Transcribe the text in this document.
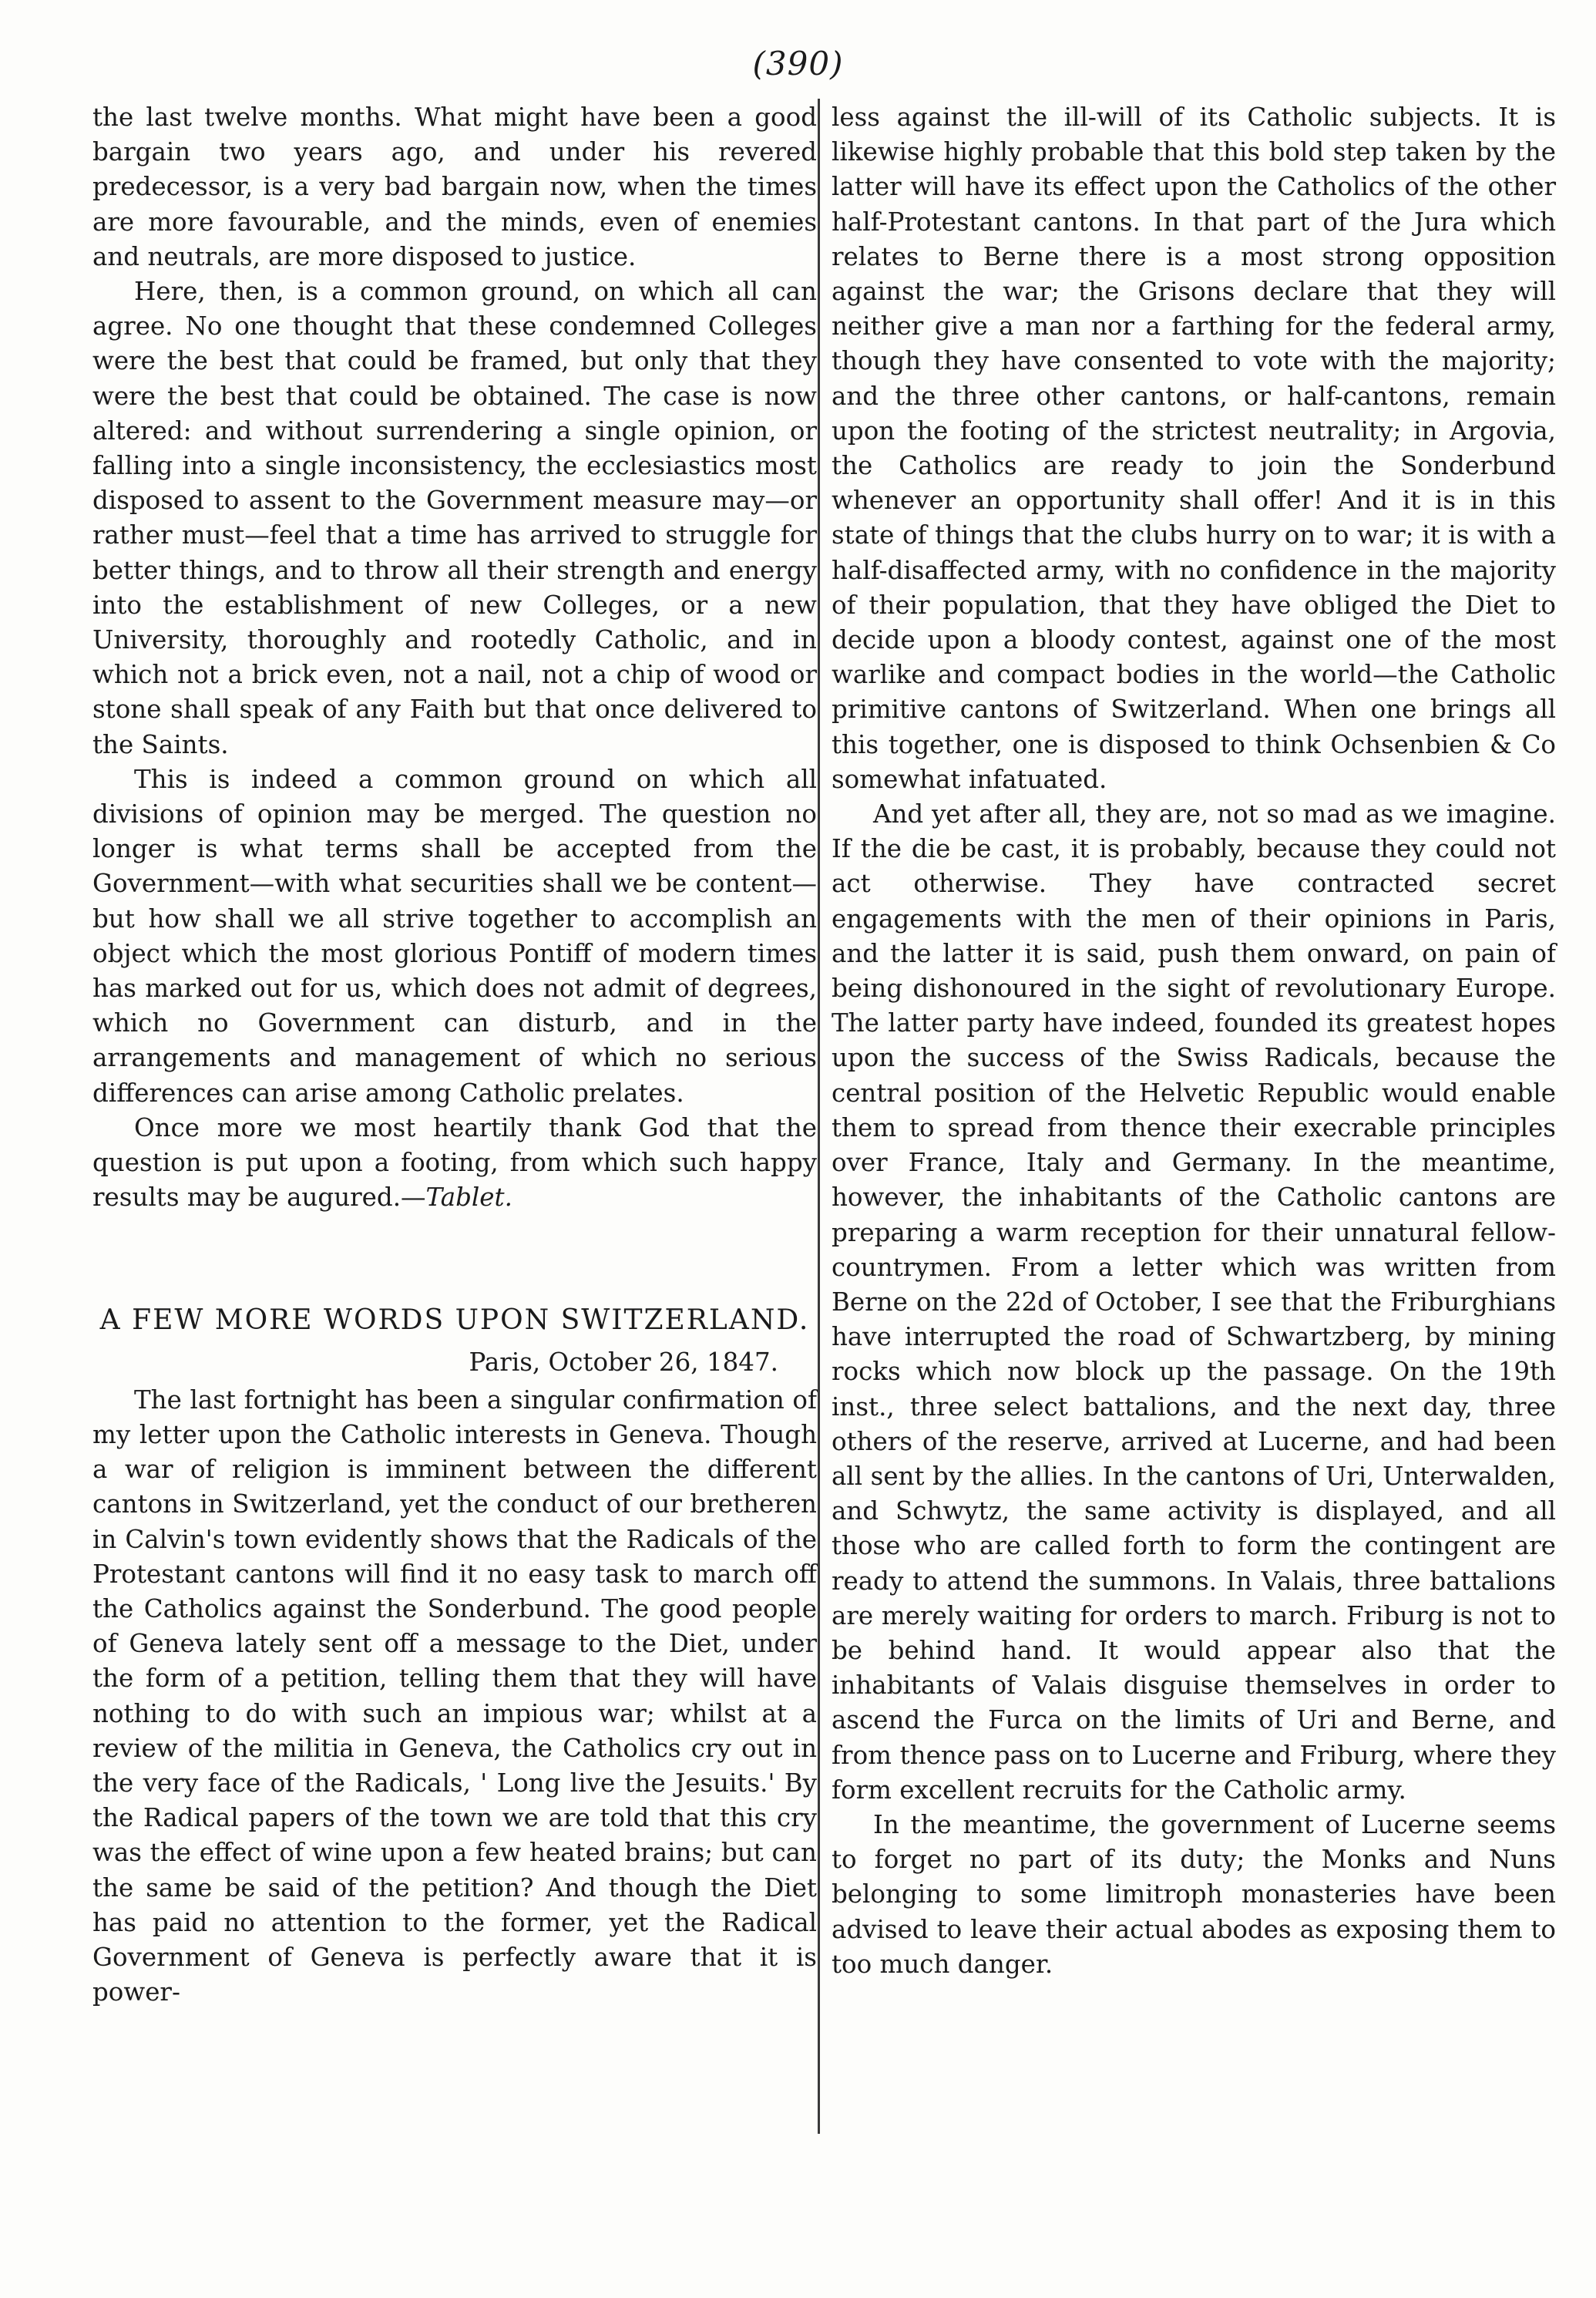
(390)

the last twelve months. What might have been a good bargain two years ago, and under his revered predecessor, is a very bad bargain now, when the times are more favourable, and the minds, even of enemies and neutrals, are more disposed to justice.

Here, then, is a common ground, on which all can agree. No one thought that these condemned Colleges were the best that could be framed, but only that they were the best that could be obtained. The case is now altered: and without surrendering a single opinion, or falling into a single inconsistency, the ecclesiastics most disposed to assent to the Government measure may—or rather must—feel that a time has arrived to struggle for better things, and to throw all their strength and energy into the establishment of new Colleges, or a new University, thoroughly and rootedly Catholic, and in which not a brick even, not a nail, not a chip of wood or stone shall speak of any Faith but that once delivered to the Saints.

This is indeed a common ground on which all divisions of opinion may be merged. The question no longer is what terms shall be accepted from the Government—with what securities shall we be content—but how shall we all strive together to accomplish an object which the most glorious Pontiff of modern times has marked out for us, which does not admit of degrees, which no Government can disturb, and in the arrangements and management of which no serious differences can arise among Catholic prelates.

Once more we most heartily thank God that the question is put upon a footing, from which such happy results may be augured.—Tablet.

A FEW MORE WORDS UPON SWITZERLAND.
Paris, October 26, 1847.

The last fortnight has been a singular confirmation of my letter upon the Catholic interests in Geneva. Though a war of religion is imminent between the different cantons in Switzerland, yet the conduct of our bretheren in Calvin's town evidently shows that the Radicals of the Protestant cantons will find it no easy task to march off the Catholics against the Sonderbund. The good people of Geneva lately sent off a message to the Diet, under the form of a petition, telling them that they will have nothing to do with such an impious war; whilst at a review of the militia in Geneva, the Catholics cry out in the very face of the Radicals, ' Long live the Jesuits.' By the Radical papers of the town we are told that this cry was the effect of wine upon a few heated brains; but can the same be said of the petition? And though the Diet has paid no attention to the former, yet the Radical Government of Geneva is perfectly aware that it is power-

less against the ill-will of its Catholic subjects. It is likewise highly probable that this bold step taken by the latter will have its effect upon the Catholics of the other half-Protestant cantons. In that part of the Jura which relates to Berne there is a most strong opposition against the war; the Grisons declare that they will neither give a man nor a farthing for the federal army, though they have consented to vote with the majority; and the three other cantons, or half-cantons, remain upon the footing of the strictest neutrality; in Argovia, the Catholics are ready to join the Sonderbund whenever an opportunity shall offer! And it is in this state of things that the clubs hurry on to war; it is with a half-disaffected army, with no confidence in the majority of their population, that they have obliged the Diet to decide upon a bloody contest, against one of the most warlike and compact bodies in the world—the Catholic primitive cantons of Switzerland. When one brings all this together, one is disposed to think Ochsenbien & Co somewhat infatuated.

And yet after all, they are, not so mad as we imagine. If the die be cast, it is probably, because they could not act otherwise. They have contracted secret engagements with the men of their opinions in Paris, and the latter it is said, push them onward, on pain of being dishonoured in the sight of revolutionary Europe. The latter party have indeed, founded its greatest hopes upon the success of the Swiss Radicals, because the central position of the Helvetic Republic would enable them to spread from thence their execrable principles over France, Italy and Germany. In the meantime, however, the inhabitants of the Catholic cantons are preparing a warm reception for their unnatural fellow-countrymen. From a letter which was written from Berne on the 22d of October, I see that the Friburghians have interrupted the road of Schwartzberg, by mining rocks which now block up the passage. On the 19th inst., three select battalions, and the next day, three others of the reserve, arrived at Lucerne, and had been all sent by the allies. In the cantons of Uri, Unterwalden, and Schwytz, the same activity is displayed, and all those who are called forth to form the contingent are ready to attend the summons. In Valais, three battalions are merely waiting for orders to march. Friburg is not to be behind hand. It would appear also that the inhabitants of Valais disguise themselves in order to ascend the Furca on the limits of Uri and Berne, and from thence pass on to Lucerne and Friburg, where they form excellent recruits for the Catholic army.

In the meantime, the government of Lucerne seems to forget no part of its duty; the Monks and Nuns belonging to some limitroph monasteries have been advised to leave their actual abodes as exposing them to too much danger.
